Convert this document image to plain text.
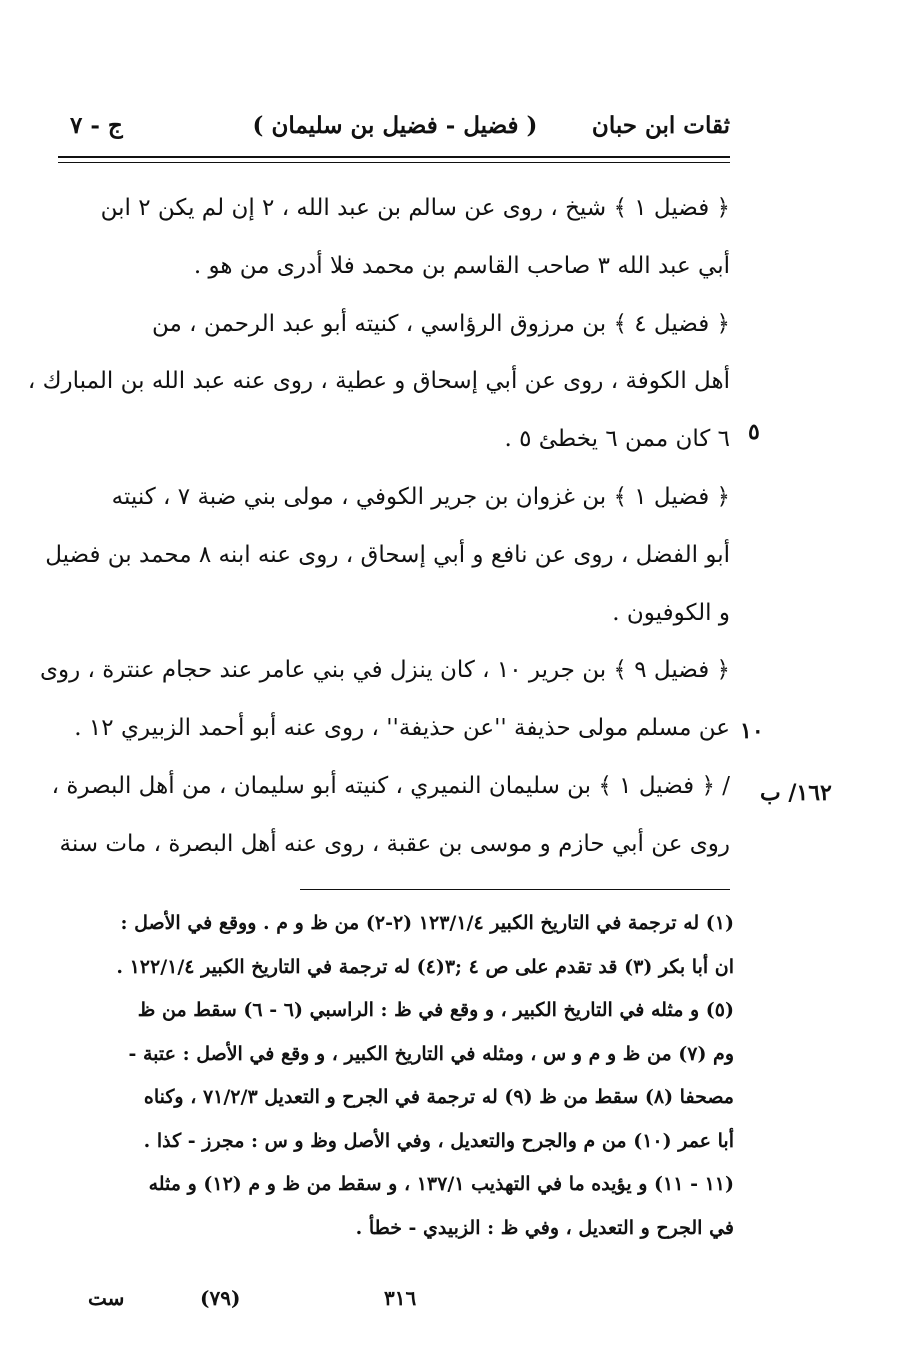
ثقات ابن حبان
( فضيل - فضيل بن سليمان )
ج - ٧
٥
١٠
١٦٢/ ب
﴿ فضيل ١ ﴾ شيخ ، روى عن سالم بن عبد الله ، ٢ إن لم يكن ٢ ابن
أبي عبد الله ٣ صاحب القاسم بن محمد فلا أدرى من هو .
﴿ فضيل ٤ ﴾ بن مرزوق الرؤاسي ، كنيته أبو عبد الرحمن ، من
أهل الكوفة ، روى عن أبي إسحاق و عطية ، روى عنه عبد الله بن المبارك ،
٦ كان ممن ٦ يخطئ ٥ .
﴿ فضيل ١ ﴾ بن غزوان بن جرير الكوفي ، مولى بني ضبة ٧ ، كنيته
أبو الفضل ، روى عن نافع و أبي إسحاق ، روى عنه ابنه ٨ محمد بن فضيل
و الكوفيون .
﴿ فضيل ٩ ﴾ بن جرير ١٠ ، كان ينزل في بني عامر عند حجام عنترة ، روى
عن مسلم مولى حذيفة ''عن حذيفة'' ، روى عنه أبو أحمد الزبيري ١٢ .
/ ﴿ فضيل ١ ﴾ بن سليمان النميري ، كنيته أبو سليمان ، من أهل البصرة ،
روى عن أبي حازم و موسى بن عقبة ، روى عنه أهل البصرة ، مات سنة
(١) له ترجمة في التاريخ الكبير ١٢٣/١/٤ (٢-٢) من ظ و م . ووقع في الأصل :
ان أبا بكر (٣) قد تقدم على ص ٤ ;٣(٤) له ترجمة في التاريخ الكبير ١٢٢/١/٤ .
(٥) و مثله في التاريخ الكبير ، و وقع في ظ : الراسبي (٦ - ٦) سقط من ظ
وم (٧) من ظ و م و س ، ومثله في التاريخ الكبير ، و وقع في الأصل : عتبة -
مصحفا (٨) سقط من ظ (٩) له ترجمة في الجرح و التعديل ٧١/٢/٣ ، وكناه
أبا عمر (١٠) من م والجرح والتعديل ، وفي الأصل وظ و س : مجرز - كذا .
(١١ - ١١) و يؤيده ما في التهذيب ١٣٧/١ ، و سقط من ظ و م (١٢) و مثله
في الجرح و التعديل ، وفي ظ : الزبيدي - خطأ .
٣١٦
(٧٩)
ست
